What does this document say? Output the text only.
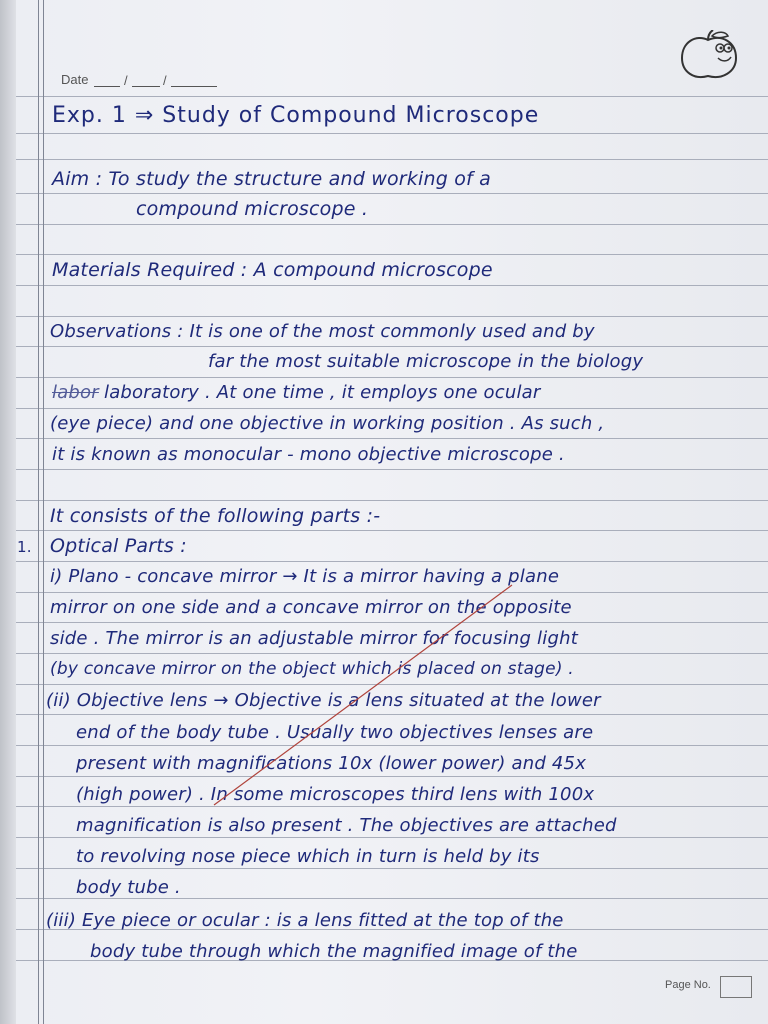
Date	/	/
Exp. 1 ⇒ Study of Compound Microscope
Aim : To study the structure and working of a
compound microscope .
Materials Required : A compound microscope
Observations : It is one of the most commonly used and by
far the most suitable microscope in the biology
labor laboratory . At one time , it employs one ocular
(eye piece) and one objective in working position . As such ,
it is known as monocular - mono objective microscope .
It consists of the following parts :-
1. Optical Parts :
i) Plano - concave mirror → It is a mirror having a plane
mirror on one side and a concave mirror on the opposite
side . The mirror is an adjustable mirror for focusing light
(by concave mirror on the object which is placed on stage) .
(ii) Objective lens → Objective is a lens situated at the lower
end of the body tube . Usually two objectives lenses are
present with magnifications 10x (lower power) and 45x
(high power) . In some microscopes third lens with 100x
magnification is also present . The objectives are attached
to revolving nose piece which in turn is held by its
body tube .
(iii) Eye piece or ocular : is a lens fitted at the top of the
body tube through which the magnified image of the
Page No.
